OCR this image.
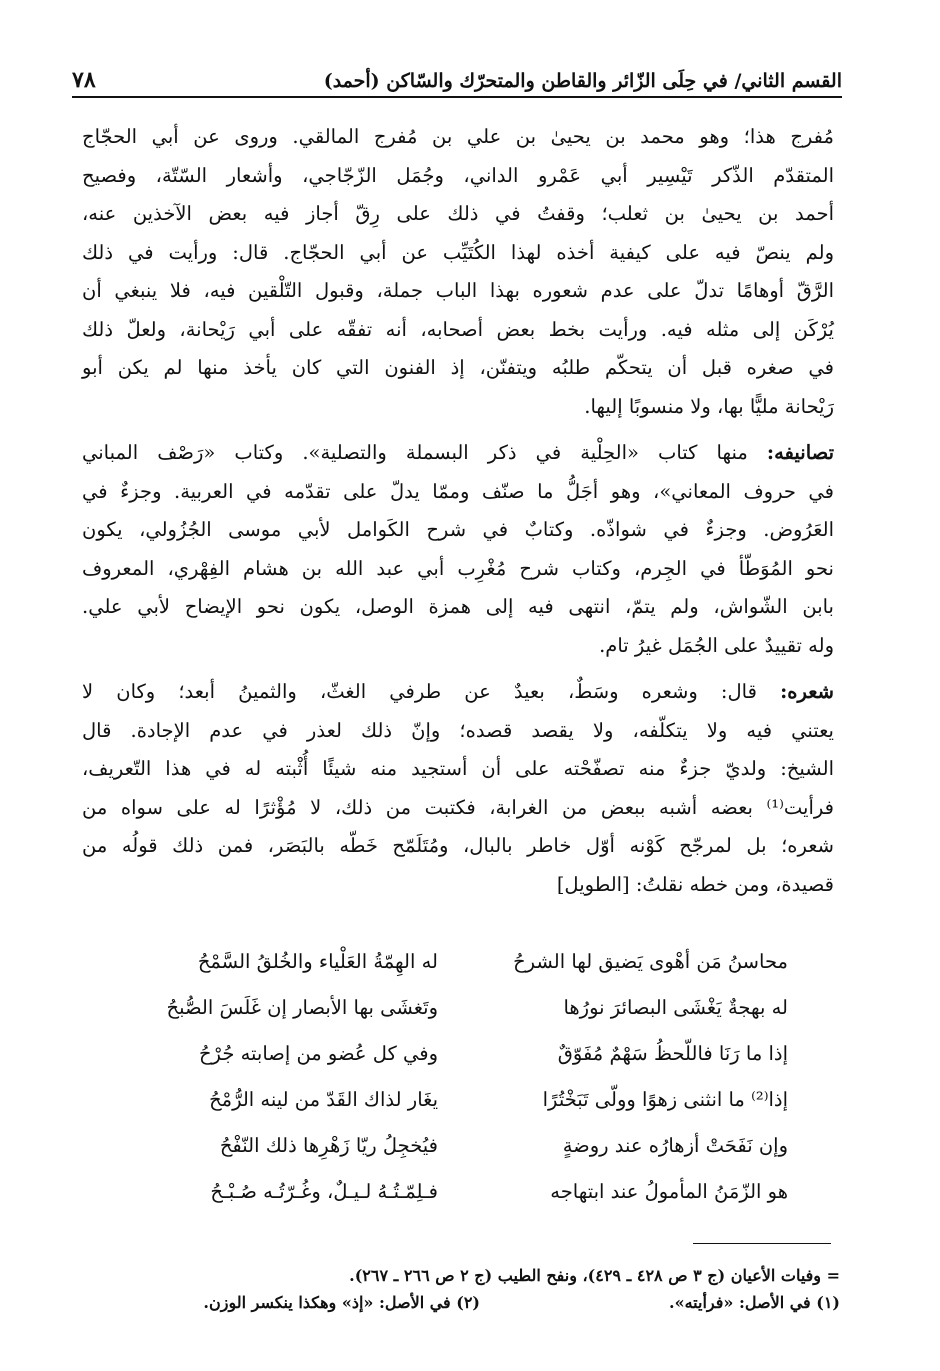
القسم الثاني/ في حِلَى الزّائر والقاطن والمتحرّك والسّاكن (أحمد)
٧٨

مُفرج هذا؛ وهو محمد بن يحيىٰ بن علي بن مُفرج المالقي. وروى عن أبي الحجّاج
المتقدّم الذّكر تَيْسِير أبي عَمْرو الداني، وجُمَل الزّجّاجي، وأشعار السّتّة، وفصيح
أحمد بن يحيىٰ بن ثعلب؛ وقفتُ في ذلك على رِقّ أجاز فيه بعض الآخذين عنه،
ولم ينصّ فيه على كيفية أخذه لهذا الكُتَيِّب عن أبي الحجّاج. قال: ورأيت في ذلك
الرَّقّ أوهامًا تدلّ على عدم شعوره بهذا الباب جملة، وقبول التّلْقين فيه، فلا ينبغي أن
يُرْكَن إلى مثله فيه. ورأيت بخط بعض أصحابه، أنه تفقّه على أبي رَيْحانة، ولعلّ ذلك
في صغره قبل أن يتحكّم طلبُه ويتفنّن، إذ الفنون التي كان يأخذ منها لم يكن أبو
رَيْحانة مليًّا بها، ولا منسوبًا إليها.

تصانيفه: منها كتاب «الحِلْية في ذكر البسملة والتصلية». وكتاب «رَصْف المباني
في حروف المعاني»، وهو أجَلُّ ما صنّف وممّا يدلّ على تقدّمه في العربية. وجزءٌ في
العَرُوض. وجزءٌ في شواذّه. وكتابٌ في شرح الكَوامل لأبي موسى الجُزُولي، يكون
نحو المُوَطّأ في الجِرم، وكتاب شرح مُغْرِب أبي عبد الله بن هشام الفِهْري، المعروف
بابن الشّواش، ولم يتمّ، انتهى فيه إلى همزة الوصل، يكون نحو الإيضاح لأبي علي.
وله تقييدٌ على الجُمَل غيرُ تام.

شعره: قال: وشعره وسَطٌ، بعيدٌ عن طرفي الغثّ، والثمينُ أبعد؛ وكان لا
يعتني فيه ولا يتكلّفه، ولا يقصد قصده؛ وإنّ ذلك لعذر في عدم الإجادة. قال
الشيخ: ولديّ جزءٌ منه تصفّحْته على أن أستجيد منه شيئًا أُثْبته له في هذا التّعريف،
فرأيت⁽¹⁾ بعضه أشبه ببعض من الغرابة، فكتبت من ذلك، لا مُؤْثرًا له على سواه من
شعره؛ بل لمرجّح كَوْنه أوّل خاطر بالبال، ومُتَلَمّح خَطّه بالبَصَر، فمن ذلك قولُه من
قصيدة، ومن خطه نقلتُ: [الطويل]

محاسنُ مَن أهْوى يَضيق لها الشرحُ
له الهِمّةُ العَلْياء والخُلقُ السَّمْحُ
له بهجةٌ يَغْشَى البصائرَ نورُها
وتَغشَى بها الأبصار إن غَلَسَ الصُّبحُ
إذا ما رَنَا فاللّحظُ سَهْمٌ مُفَوّقٌ
وفي كل عُضو من إصابته جُرْحُ
إذا⁽²⁾ ما انثنى زهوًا وولّى تَبَخْتُرًا
يغَار لذاك القَدّ من لينه الرُّمْحُ
وإن نَفَحَتْ أزهارُه عند روضةٍ
فيُخجِلُ ريّا زَهْرِها ذلك النّفْحُ
هو الزّمَنُ المأمولُ عند ابتهاجه
فـلِمّـتُـهُ لـيـلٌ، وغُـرّتُـه صُـبْـحُ
= وفيات الأعيان (ج ٣ ص ٤٢٨ ـ ٤٢٩)، ونفح الطيب (ج ٢ ص ٢٦٦ ـ ٢٦٧).
(١) في الأصل: «فرأيته».
(٢) في الأصل: «إذ» وهكذا ينكسر الوزن.
